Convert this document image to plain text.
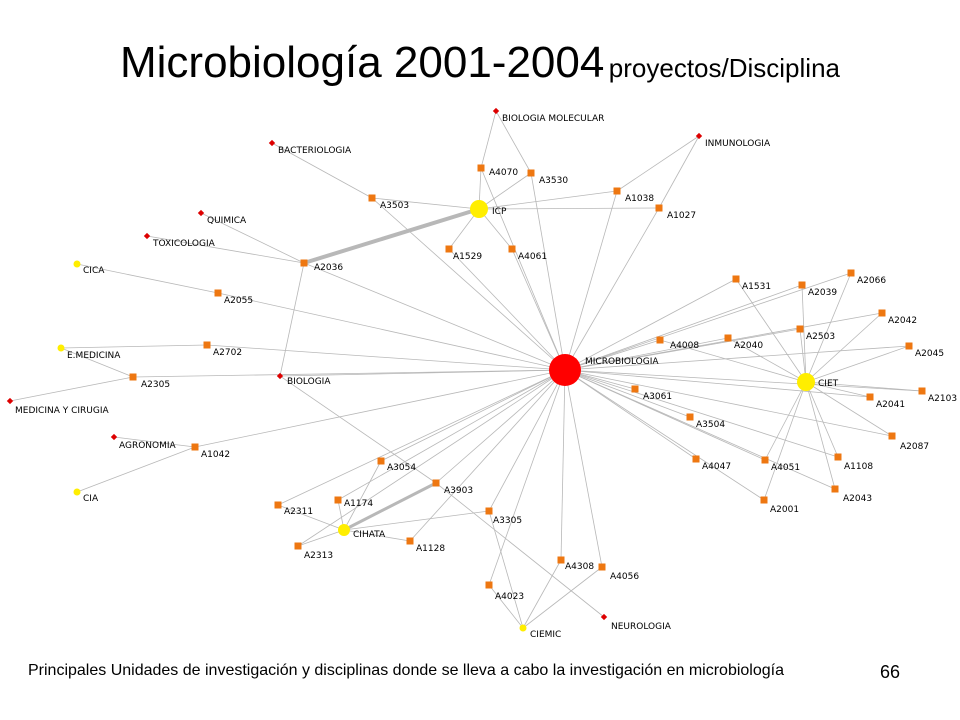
Microbiología 2001-2004 proyectos/Disciplina
MICROBIOLOGIA
BIOLOGIA MOLECULAR
INMUNOLOGIA
BACTERIOLOGIA
QUIMICA
TOXICOLOGIA
BIOLOGIA
MEDICINA Y CIRUGIA
AGRONOMIA
NEUROLOGIA
ICP
CIET
CIHATA
CIEMIC
CICA
E.MEDICINA
CIA
A4070
A3530
A3503
A1038
A1027
A1529	A4061
A2036
A2055
A2702
A2305
A1042
A1531
A2039
A2066
A2042
A2503
A4008	A2040
A2045
A2103
A3061
A2041
A3504
A2087
A4047	A4051	A1108
A2043
A2001
A3054
A3903
A1174
A2311
A3305
A2313
A1128
A4308
A4056
A4023
Principales Unidades de investigación y disciplinas donde se lleva a cabo la investigación en microbiología	66
